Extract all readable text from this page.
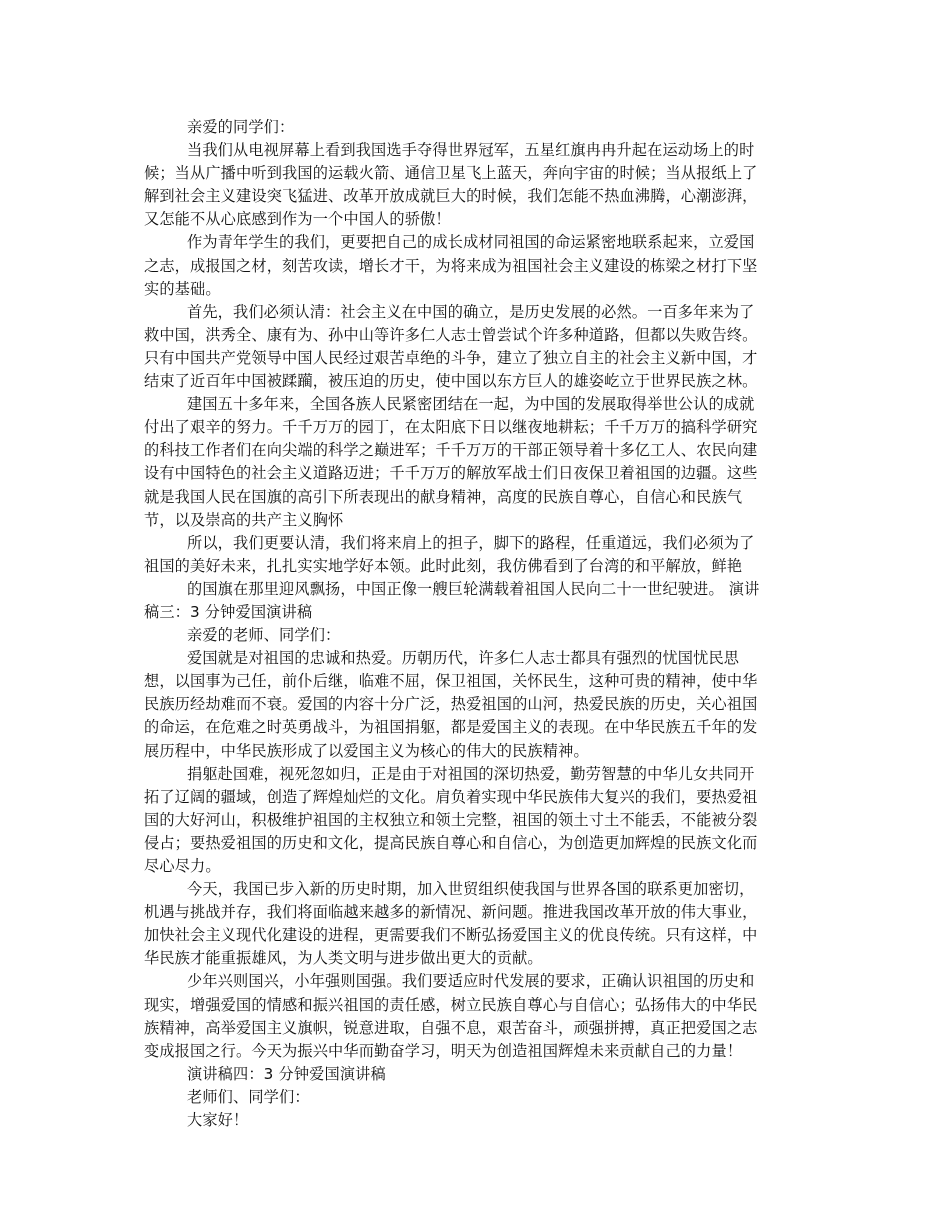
亲爱的同学们：
当我们从电视屏幕上看到我国选手夺得世界冠军，五星红旗冉冉升起在运动场上的时
候；当从广播中听到我国的运载火箭、通信卫星飞上蓝天，奔向宇宙的时候；当从报纸上了
解到社会主义建设突飞猛进、改革开放成就巨大的时候，我们怎能不热血沸腾，心潮澎湃，
又怎能不从心底感到作为一个中国人的骄傲！
作为青年学生的我们，更要把自己的成长成材同祖国的命运紧密地联系起来，立爱国
之志，成报国之材，刻苦攻读，增长才干，为将来成为祖国社会主义建设的栋梁之材打下坚
实的基础。
首先，我们必须认清：社会主义在中国的确立，是历史发展的必然。一百多年来为了
救中国，洪秀全、康有为、孙中山等许多仁人志士曾尝试个许多种道路，但都以失败告终。
只有中国共产党领导中国人民经过艰苦卓绝的斗争，建立了独立自主的社会主义新中国，才
结束了近百年中国被蹂躏，被压迫的历史，使中国以东方巨人的雄姿屹立于世界民族之林。
建国五十多年来，全国各族人民紧密团结在一起，为中国的发展取得举世公认的成就
付出了艰辛的努力。千千万万的园丁，在太阳底下日以继夜地耕耘；千千万万的搞科学研究
的科技工作者们在向尖端的科学之巅进军；千千万万的干部正领导着十多亿工人、农民向建
设有中国特色的社会主义道路迈进；千千万万的解放军战士们日夜保卫着祖国的边疆。这些
就是我国人民在国旗的高引下所表现出的献身精神，高度的民族自尊心，自信心和民族气
节，以及崇高的共产主义胸怀
所以，我们更要认清，我们将来肩上的担子，脚下的路程，任重道远，我们必须为了
祖国的美好未来，扎扎实实地学好本领。此时此刻，我仿佛看到了台湾的和平解放，鲜艳
的国旗在那里迎风飘扬，中国正像一艘巨轮满载着祖国人民向二十一世纪驶进。 演讲
稿三：3 分钟爱国演讲稿
亲爱的老师、同学们：
爱国就是对祖国的忠诚和热爱。历朝历代，许多仁人志士都具有强烈的忧国忧民思
想，以国事为己任，前仆后继，临难不屈，保卫祖国，关怀民生，这种可贵的精神，使中华
民族历经劫难而不衰。爱国的内容十分广泛，热爱祖国的山河，热爱民族的历史，关心祖国
的命运，在危难之时英勇战斗，为祖国捐躯，都是爱国主义的表现。在中华民族五千年的发
展历程中，中华民族形成了以爱国主义为核心的伟大的民族精神。
捐躯赴国难，视死忽如归，正是由于对祖国的深切热爱，勤劳智慧的中华儿女共同开
拓了辽阔的疆域，创造了辉煌灿烂的文化。肩负着实现中华民族伟大复兴的我们，要热爱祖
国的大好河山，积极维护祖国的主权独立和领土完整，祖国的领土寸土不能丢，不能被分裂
侵占；要热爱祖国的历史和文化，提高民族自尊心和自信心，为创造更加辉煌的民族文化而
尽心尽力。
今天，我国已步入新的历史时期，加入世贸组织使我国与世界各国的联系更加密切，
机遇与挑战并存，我们将面临越来越多的新情况、新问题。推进我国改革开放的伟大事业，
加快社会主义现代化建设的进程，更需要我们不断弘扬爱国主义的优良传统。只有这样，中
华民族才能重振雄风，为人类文明与进步做出更大的贡献。
少年兴则国兴，小年强则国强。我们要适应时代发展的要求，正确认识祖国的历史和
现实，增强爱国的情感和振兴祖国的责任感，树立民族自尊心与自信心；弘扬伟大的中华民
族精神，高举爱国主义旗帜，锐意进取，自强不息，艰苦奋斗，顽强拼搏，真正把爱国之志
变成报国之行。今天为振兴中华而勤奋学习，明天为创造祖国辉煌未来贡献自己的力量！
演讲稿四：3 分钟爱国演讲稿
老师们、同学们：
大家好！
